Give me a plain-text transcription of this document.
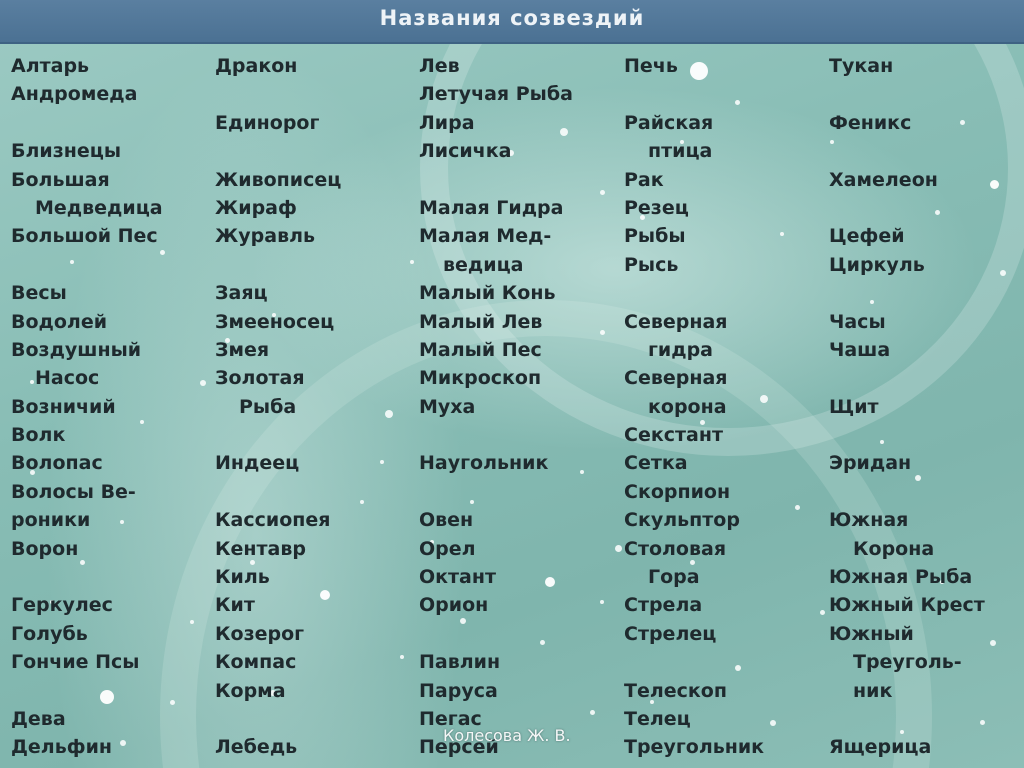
Названия созвездий
Алтарь
Андромеда
Близнецы
Большая
Медведица
Большой Пес
Весы
Водолей
Воздушный
Насос
Возничий
Волк
Волопас
Волосы Ве-
роники
Ворон
Геркулес
Голубь
Гончие Псы
Дева
Дельфин
Дракон
Единорог
Живописец
Жираф
Журавль
Заяц
Змееносец
Змея
Золотая
Рыба
Индеец
Кассиопея
Кентавр
Киль
Кит
Козерог
Компас
Корма
Лебедь
Лев
Летучая Рыба
Лира
Лисичка
Малая Гидра
Малая Мед-
ведица
Малый Конь
Малый Лев
Малый Пес
Микроскоп
Муха
Наугольник
Овен
Орел
Октант
Орион
Павлин
Паруса
Пегас
Персей
Печь
Райская
птица
Рак
Резец
Рыбы
Рысь
Северная
гидра
Северная
корона
Секстант
Сетка
Скорпион
Скульптор
Столовая
Гора
Стрела
Стрелец
Телескоп
Телец
Треугольник
Тукан
Феникс
Хамелеон
Цефей
Циркуль
Часы
Чаша
Щит
Эридан
Южная
Корона
Южная Рыба
Южный Крест
Южный
Треуголь-
ник
Ящерица
Колесова Ж. В.
